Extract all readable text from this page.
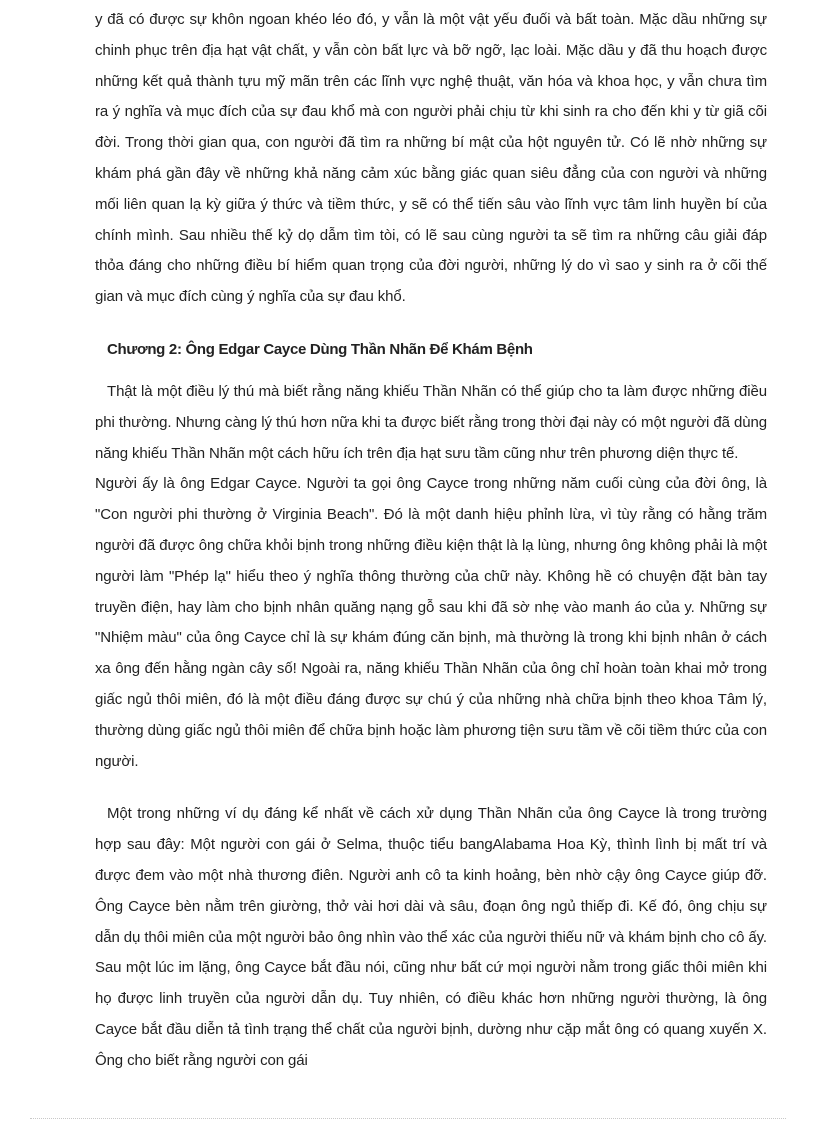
y đã có được sự khôn ngoan khéo léo đó, y vẫn là một vật yếu đuối và bất toàn. Mặc dầu những sự chinh phục trên địa hạt vật chất, y vẫn còn bất lực và bỡ ngỡ, lạc loài. Mặc dầu y đã thu hoạch được những kết quả thành tựu mỹ mãn trên các lĩnh vực nghệ thuật, văn hóa và khoa học, y vẫn chưa tìm ra ý nghĩa và mục đích của sự đau khổ mà con người phải chịu từ khi sinh ra cho đến khi y từ giã cõi đời. Trong thời gian qua, con người đã tìm ra những bí mật của hột nguyên tử. Có lẽ nhờ những sự khám phá gần đây về những khả năng cảm xúc bằng giác quan siêu đẳng của con người và những mối liên quan lạ kỳ giữa ý thức và tiềm thức, y sẽ có thể tiến sâu vào lĩnh vực tâm linh huyền bí của chính mình. Sau nhiều thế kỷ dọ dẫm tìm tòi, có lẽ sau cùng người ta sẽ tìm ra những câu giải đáp thỏa đáng cho những điều bí hiểm quan trọng của đời người, những lý do vì sao y sinh ra ở cõi thế gian và mục đích cùng ý nghĩa của sự đau khổ.

Chương 2: Ông Edgar Cayce Dùng Thần Nhãn Để Khám Bệnh

Thật là một điều lý thú mà biết rằng năng khiếu Thần Nhãn có thể giúp cho ta làm được những điều phi thường. Nhưng càng lý thú hơn nữa khi ta được biết rằng trong thời đại này có một người đã dùng năng khiếu Thần Nhãn một cách hữu ích trên địa hạt sưu tầm cũng như trên phương diện thực tế.

Người ấy là ông Edgar Cayce. Người ta gọi ông Cayce trong những năm cuối cùng của đời ông, là "Con người phi thường ở Virginia Beach". Đó là một danh hiệu phỉnh lừa, vì tùy rằng có hằng trăm người đã được ông chữa khỏi bịnh trong những điều kiện thật là lạ lùng, nhưng ông không phải là một người làm "Phép lạ" hiểu theo ý nghĩa thông thường của chữ này. Không hề có chuyện đặt bàn tay truyền điện, hay làm cho bịnh nhân quăng nạng gỗ sau khi đã sờ nhẹ vào manh áo của y. Những sự "Nhiệm màu" của ông Cayce chỉ là sự khám đúng căn bịnh, mà thường là trong khi bịnh nhân ở cách xa ông đến hằng ngàn cây số! Ngoài ra, năng khiếu Thần Nhãn của ông chỉ hoàn toàn khai mở trong giấc ngủ thôi miên, đó là một điều đáng được sự chú ý của những nhà chữa bịnh theo khoa Tâm lý, thường dùng giấc ngủ thôi miên để chữa bịnh hoặc làm phương tiện sưu tầm về cõi tiềm thức của con người.

Một trong những ví dụ đáng kể nhất về cách xử dụng Thần Nhãn của ông Cayce là trong trường hợp sau đây: Một người con gái ở Selma, thuộc tiểu bangAlabama Hoa Kỳ, thình lình bị mất trí và được đem vào một nhà thương điên. Người anh cô ta kinh hoảng, bèn nhờ cậy ông Cayce giúp đỡ. Ông Cayce bèn nằm trên giường, thở vài hơi dài và sâu, đoạn ông ngủ thiếp đi. Kế đó, ông chịu sự dẫn dụ thôi miên của một người bảo ông nhìn vào thể xác của người thiếu nữ và khám bịnh cho cô ấy. Sau một lúc im lặng, ông Cayce bắt đầu nói, cũng như bất cứ mọi người nằm trong giấc thôi miên khi họ được linh truyền của người dẫn dụ. Tuy nhiên, có điều khác hơn những người thường, là ông Cayce bắt đầu diễn tả tình trạng thể chất của người bịnh, dường như cặp mắt ông có quang xuyến X. Ông cho biết rằng người con gái
